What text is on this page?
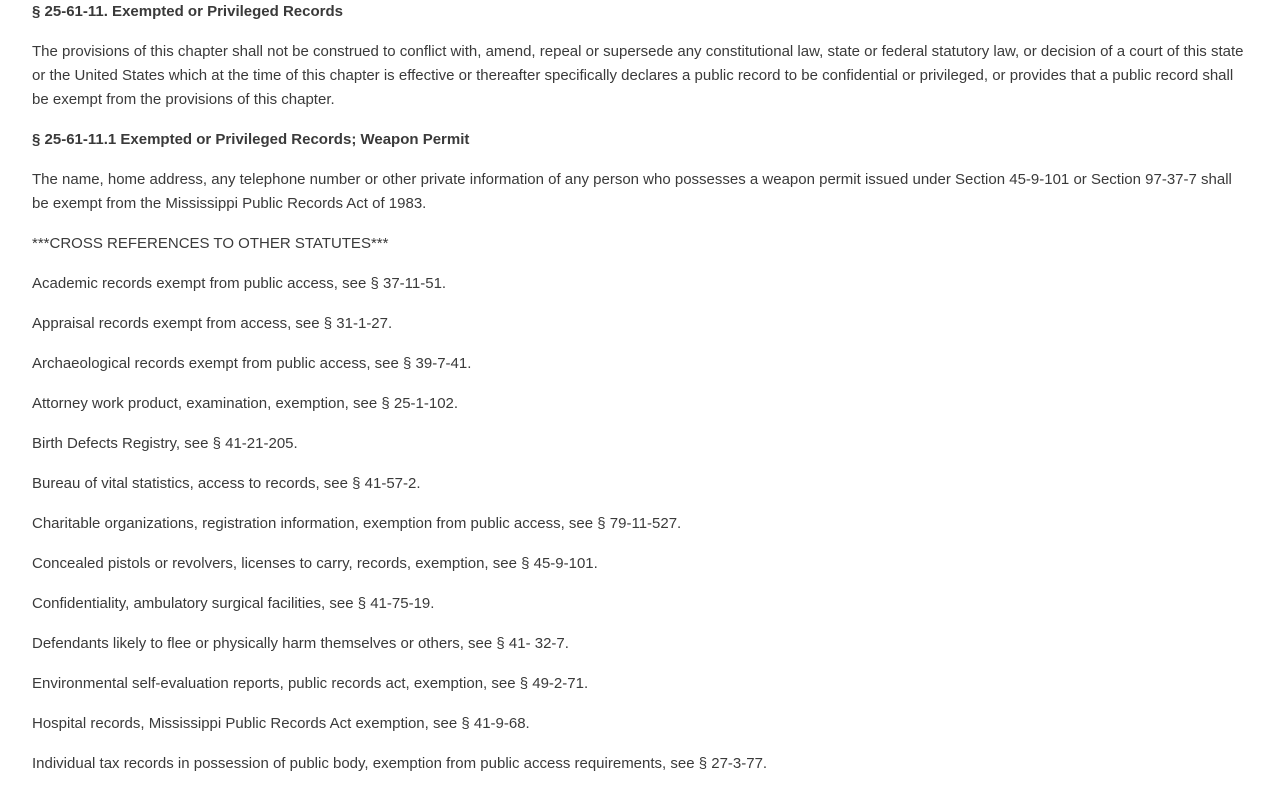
§ 25-61-11. Exempted or Privileged Records

The provisions of this chapter shall not be construed to conflict with, amend, repeal or supersede any constitutional law, state or federal statutory law, or decision of a court of this state or the United States which at the time of this chapter is effective or thereafter specifically declares a public record to be confidential or privileged, or provides that a public record shall be exempt from the provisions of this chapter.

§ 25-61-11.1 Exempted or Privileged Records; Weapon Permit

The name, home address, any telephone number or other private information of any person who possesses a weapon permit issued under Section 45-9-101 or Section 97-37-7 shall be exempt from the Mississippi Public Records Act of 1983.

***CROSS REFERENCES TO OTHER STATUTES***

Academic records exempt from public access, see § 37-11-51.

Appraisal records exempt from access, see § 31-1-27.

Archaeological records exempt from public access, see § 39-7-41.

Attorney work product, examination, exemption, see § 25-1-102.

Birth Defects Registry, see § 41-21-205.

Bureau of vital statistics, access to records, see § 41-57-2.

Charitable organizations, registration information, exemption from public access, see § 79-11-527.

Concealed pistols or revolvers, licenses to carry, records, exemption, see § 45-9-101.

Confidentiality, ambulatory surgical facilities, see § 41-75-19.

Defendants likely to flee or physically harm themselves or others, see § 41- 32-7.

Environmental self-evaluation reports, public records act, exemption, see § 49-2-71.

Hospital records, Mississippi Public Records Act exemption, see § 41-9-68.

Individual tax records in possession of public body, exemption from public access requirements, see § 27-3-77.
